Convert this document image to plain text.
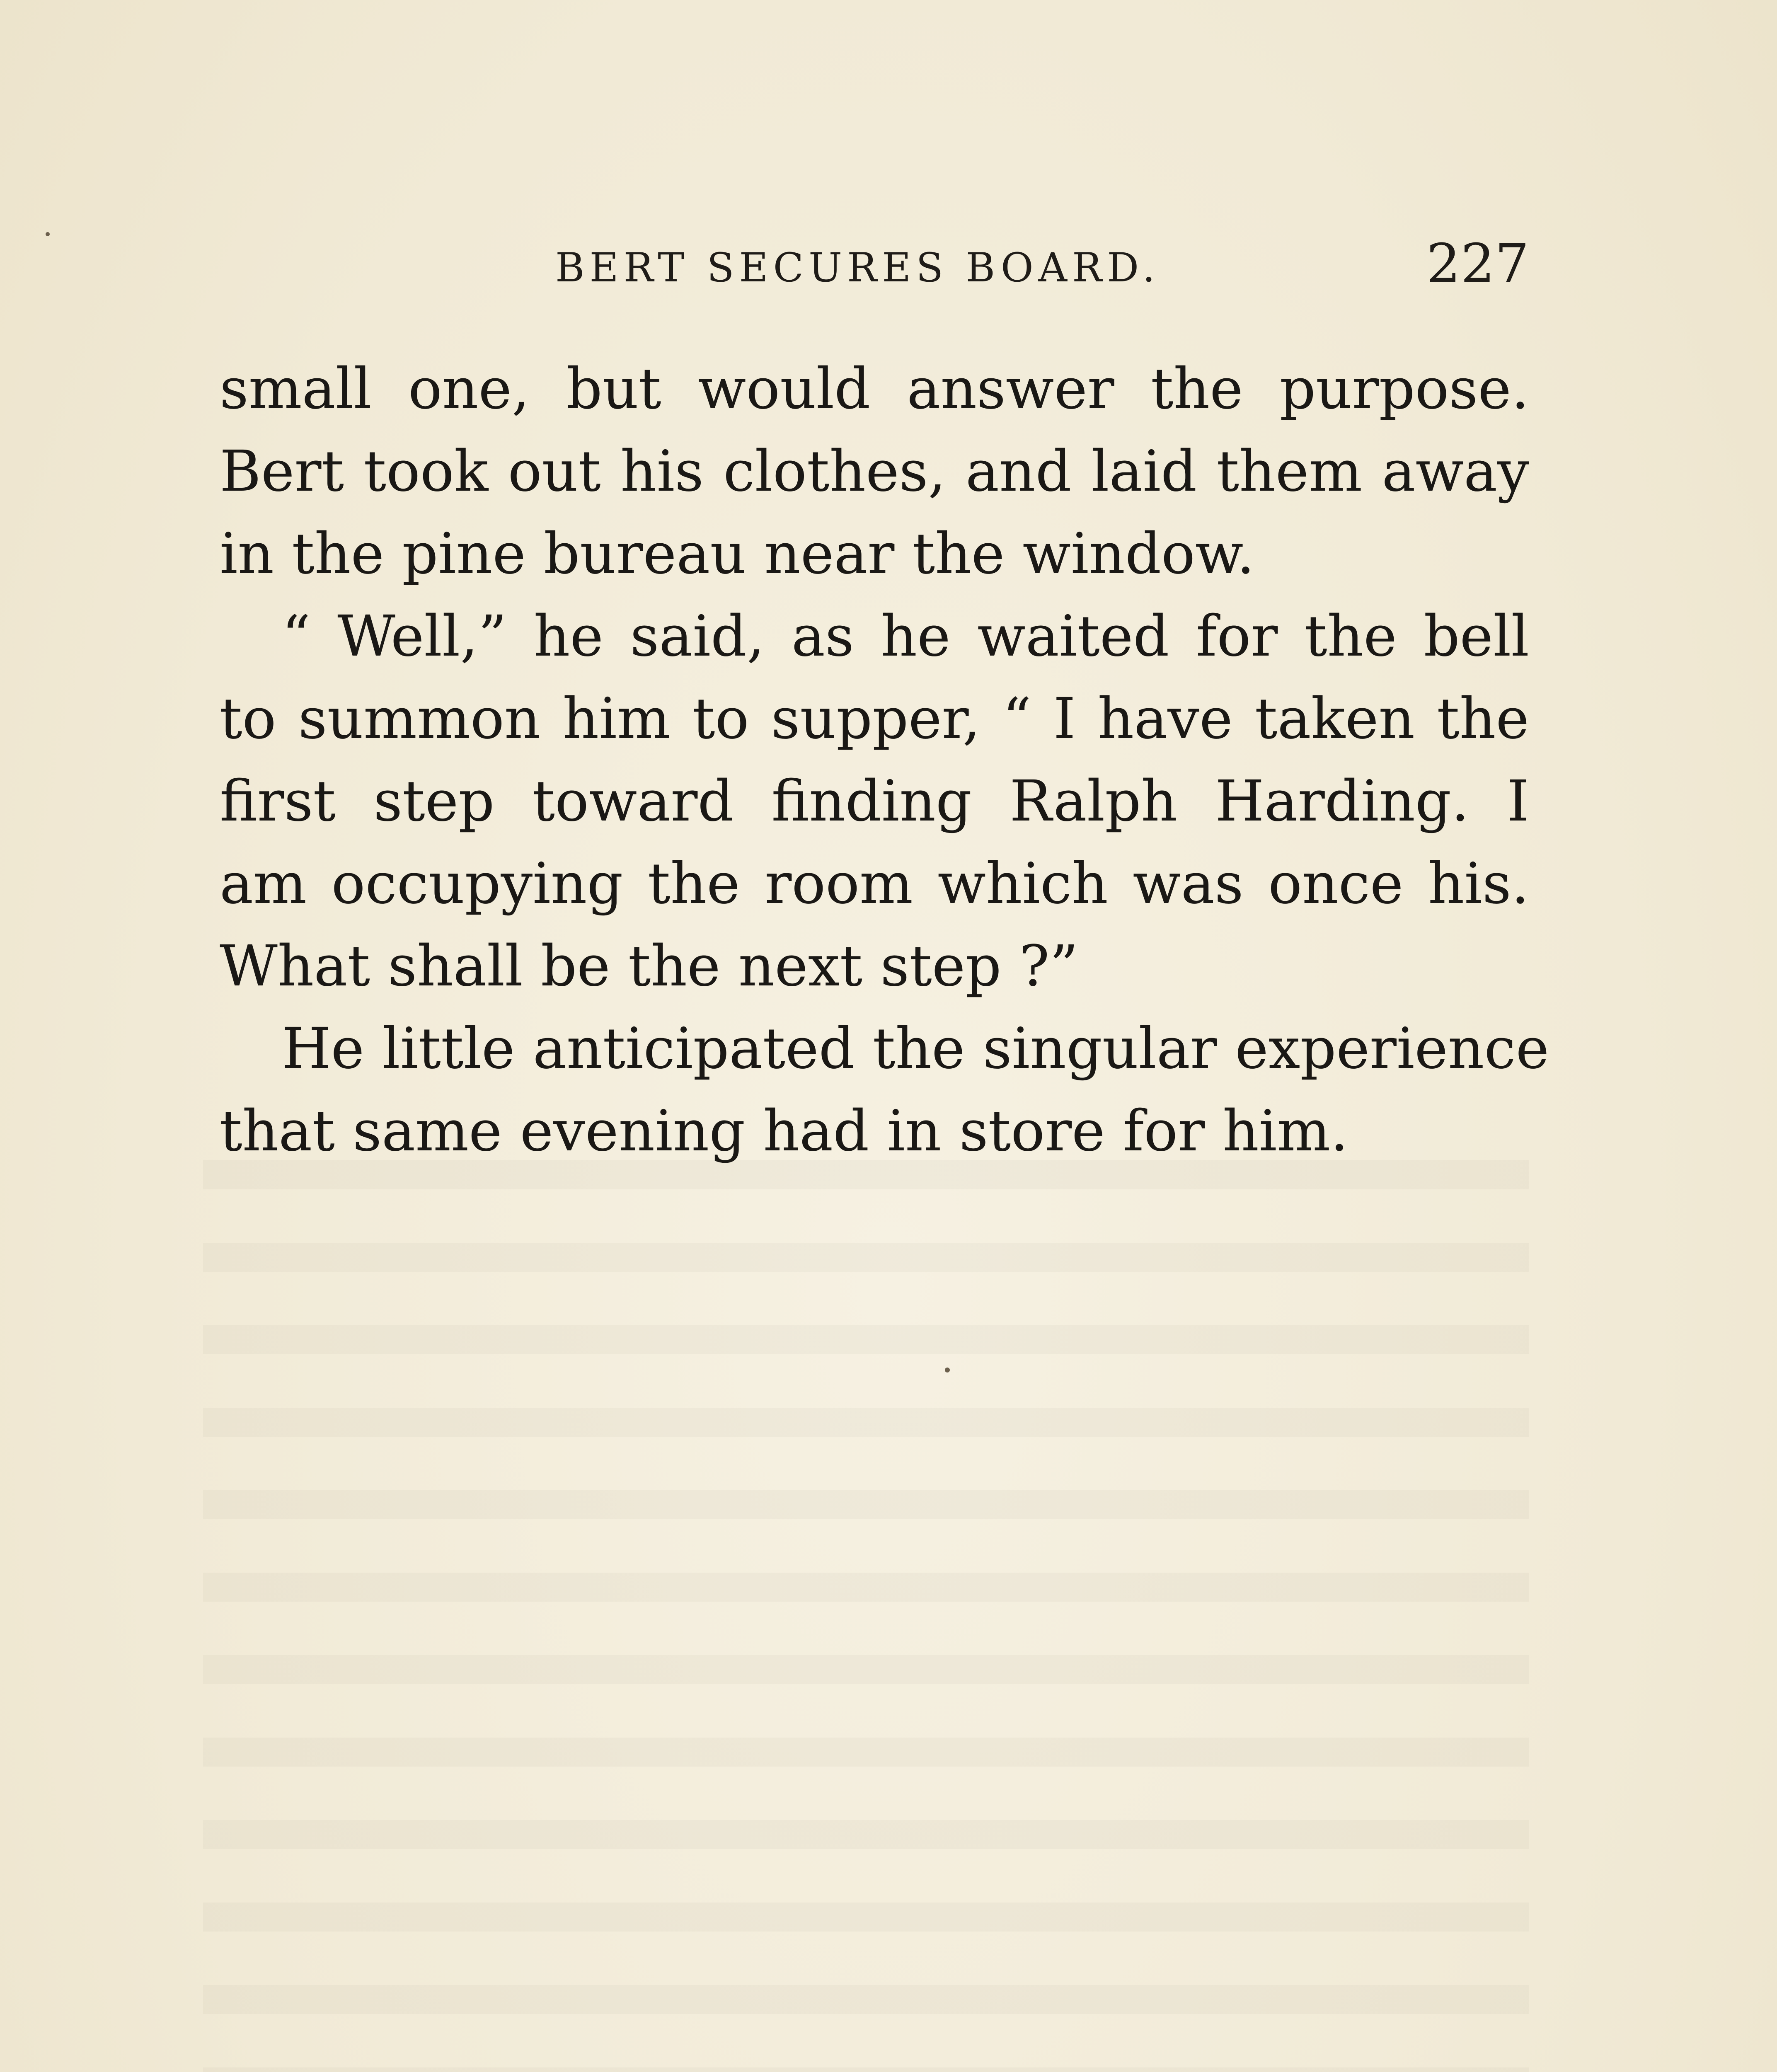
BERT SECURES BOARD.	227
small one, but would answer the purpose.
Bert took out his clothes, and laid them away
in the pine bureau near the window.
“ Well,” he said, as he waited for the bell
to summon him to supper, “ I have taken the
first step toward finding Ralph Harding. I
am occupying the room which was once his.
What shall be the next step ?”
He little anticipated the singular experience
that same evening had in store for him.
